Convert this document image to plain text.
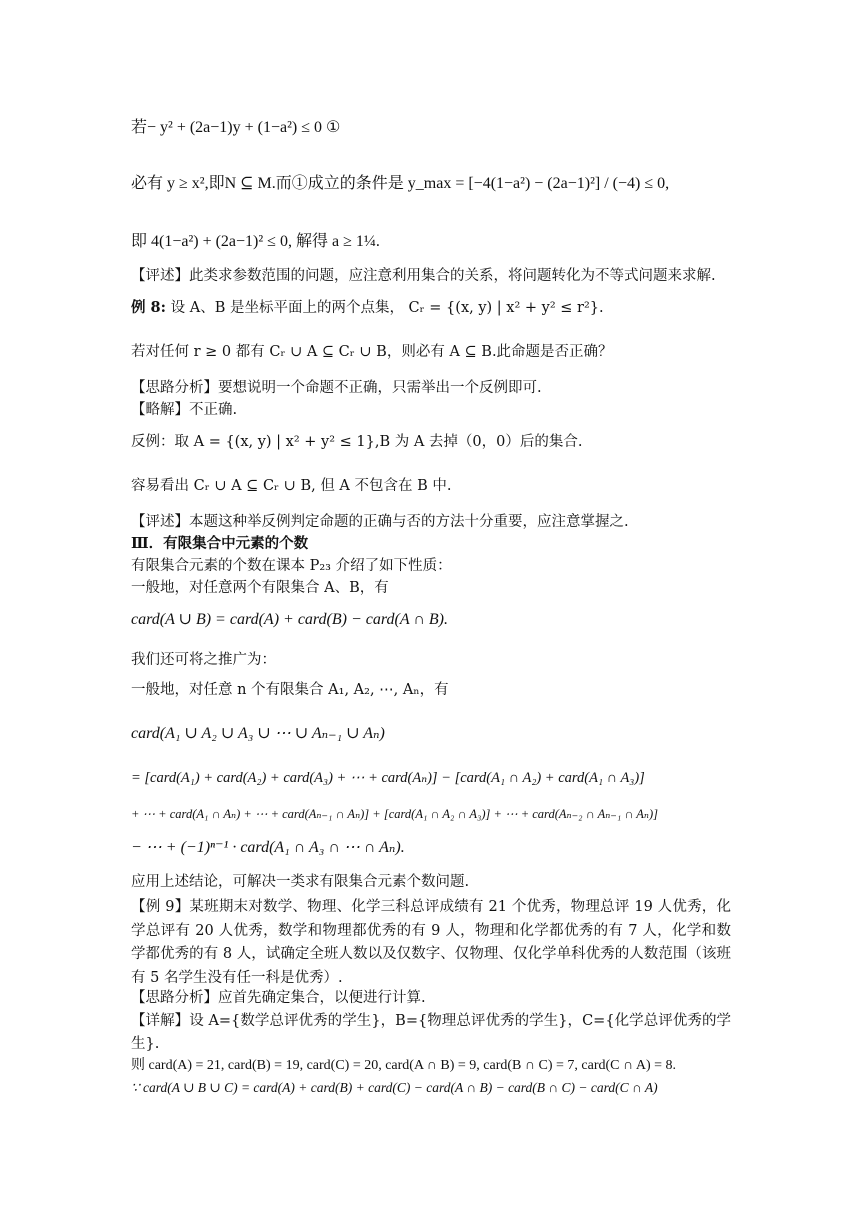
若− y² + (2a−1)y + (1−a²) ≤ 0 ①
必有 y ≥ x²,即N ⊆ M.而①成立的条件是 y_max = [−4(1−a²) − (2a−1)²] / (−4) ≤ 0,
即 4(1−a²) + (2a−1)² ≤ 0, 解得 a ≥ 1¼.
【评述】此类求参数范围的问题，应注意利用集合的关系，将问题转化为不等式问题来求解.
例 8: 设 A、B 是坐标平面上的两个点集， Cᵣ = {(x, y) | x² + y² ≤ r²}.
若对任何 r ≥ 0 都有 Cᵣ ∪ A ⊆ Cᵣ ∪ B，则必有 A ⊆ B.此命题是否正确？
【思路分析】要想说明一个命题不正确，只需举出一个反例即可.
【略解】不正确.
反例：取 A = {(x, y) | x² + y² ≤ 1},B 为 A 去掉（0，0）后的集合.
容易看出 Cᵣ ∪ A ⊆ Cᵣ ∪ B, 但 A 不包含在 B 中.
【评述】本题这种举反例判定命题的正确与否的方法十分重要，应注意掌握之.
Ⅲ．有限集合中元素的个数
有限集合元素的个数在课本 P₂₃ 介绍了如下性质：
一般地，对任意两个有限集合 A、B，有
card(A ∪ B) = card(A) + card(B) − card(A ∩ B).
我们还可将之推广为：
一般地，对任意 n 个有限集合 A₁, A₂, ⋯, Aₙ，有
card(A₁ ∪ A₂ ∪ A₃ ∪ ⋯ ∪ Aₙ₋₁ ∪ Aₙ)
= [card(A₁) + card(A₂) + card(A₃) + ⋯ + card(Aₙ)] − [card(A₁ ∩ A₂) + card(A₁ ∩ A₃)]
+ ⋯ + card(A₁ ∩ Aₙ) + ⋯ + card(Aₙ₋₁ ∩ Aₙ)] + [card(A₁ ∩ A₂ ∩ A₃)] + ⋯ + card(Aₙ₋₂ ∩ Aₙ₋₁ ∩ Aₙ)]
− ⋯ + (−1)ⁿ⁻¹ · card(A₁ ∩ A₃ ∩ ⋯ ∩ Aₙ).
应用上述结论，可解决一类求有限集合元素个数问题.
【例 9】某班期末对数学、物理、化学三科总评成绩有 21 个优秀，物理总评 19 人优秀，化学总评有 20 人优秀，数学和物理都优秀的有 9 人，物理和化学都优秀的有 7 人，化学和数学都优秀的有 8 人，试确定全班人数以及仅数字、仅物理、仅化学单科优秀的人数范围（该班有 5 名学生没有任一科是优秀）.
【思路分析】应首先确定集合，以便进行计算.
【详解】设 A={数学总评优秀的学生}，B={物理总评优秀的学生}，C={化学总评优秀的学生}.
则 card(A) = 21, card(B) = 19, card(C) = 20, card(A ∩ B) = 9, card(B ∩ C) = 7, card(C ∩ A) = 8.
∵ card(A ∪ B ∪ C) = card(A) + card(B) + card(C) − card(A ∩ B) − card(B ∩ C) − card(C ∩ A)
